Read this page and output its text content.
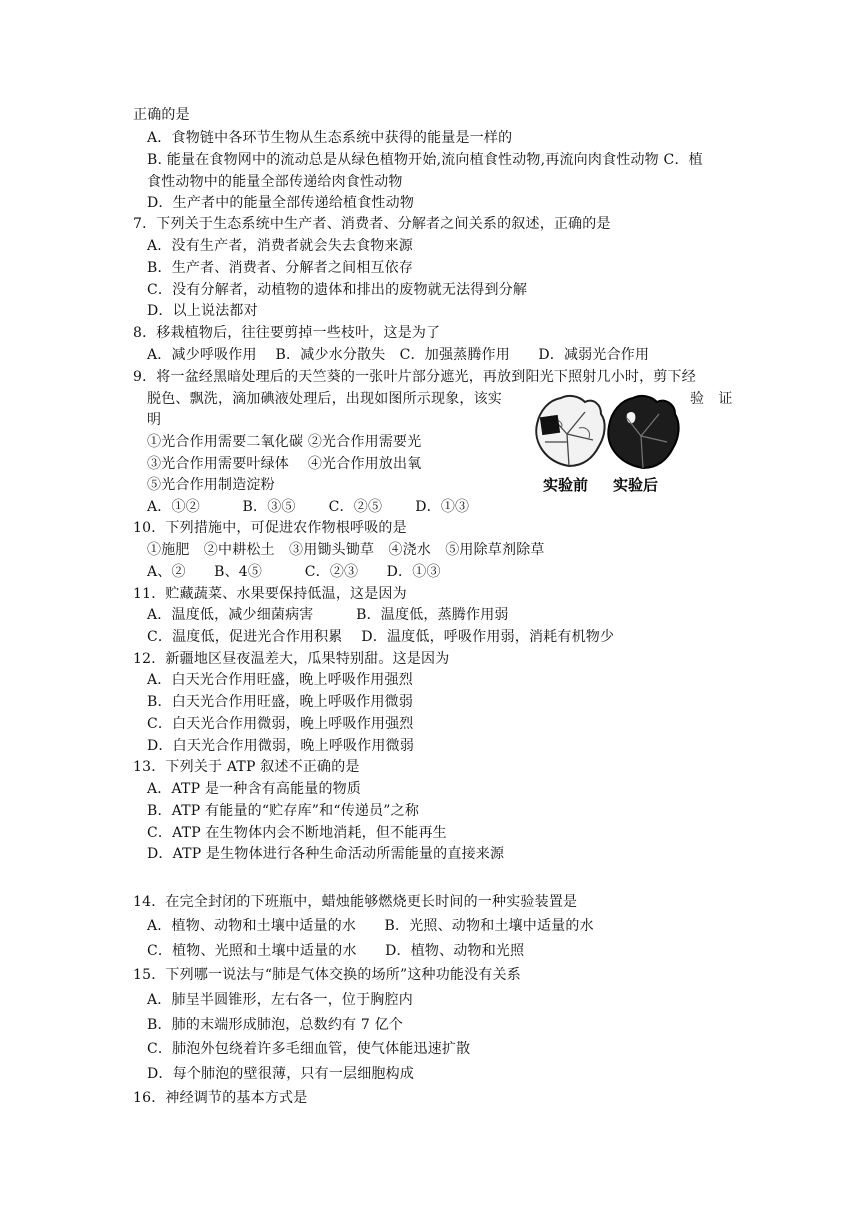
正确的是
A．食物链中各环节生物从生态系统中获得的能量是一样的
B. 能量在食物网中的流动总是从绿色植物开始,流向植食性动物,再流向肉食性动物 C．植
食性动物中的能量全部传递给肉食性动物
D．生产者中的能量全部传递给植食性动物
7．下列关于生态系统中生产者、消费者、分解者之间关系的叙述，正确的是
A．没有生产者，消费者就会失去食物来源
B．生产者、消费者、分解者之间相互依存
C．没有分解者，动植物的遗体和排出的废物就无法得到分解
D．以上说法都对
8．移栽植物后，往往要剪掉一些枝叶，这是为了
A．减少呼吸作用　 B．减少水分散失　C．加强蒸腾作用　　D．减弱光合作用
9．将一盆经黑暗处理后的天竺葵的一张叶片部分遮光，再放到阳光下照射几小时，剪下经
脱色、飘洗，滴加碘液处理后，出现如图所示现象，该实	验　证
明
①光合作用需要二氧化碳 ②光合作用需要光
③光合作用需要叶绿体　 ④光合作用放出氧
⑤光合作用制造淀粉
A．①②　　　B．③⑤　　 C．②⑤　　 D．①③
实验前 实验后
10．下列措施中，可促进农作物根呼吸的是
①施肥　②中耕松土　③用锄头锄草　④浇水　⑤用除草剂除草
A、②　　B、4⑤　　　C．②③　　D．①③
11．贮藏蔬菜、水果要保持低温，这是因为
A．温度低，减少细菌病害　　　B．温度低，蒸腾作用弱
C．温度低，促进光合作用积累　 D．温度低，呼吸作用弱，消耗有机物少
12．新疆地区昼夜温差大，瓜果特别甜。这是因为
A．白天光合作用旺盛，晚上呼吸作用强烈
B．白天光合作用旺盛，晚上呼吸作用微弱
C．白天光合作用微弱，晚上呼吸作用强烈
D．白天光合作用微弱，晚上呼吸作用微弱
13．下列关于 ATP 叙述不正确的是
A．ATP 是一种含有高能量的物质
B．ATP 有能量的“贮存库”和“传递员”之称
C．ATP 在生物体内会不断地消耗，但不能再生
D．ATP 是生物体进行各种生命活动所需能量的直接来源
14．在完全封闭的下班瓶中，蜡烛能够燃烧更长时间的一种实验装置是
A．植物、动物和土壤中适量的水　　B．光照、动物和土壤中适量的水
C．植物、光照和土壤中适量的水　　D．植物、动物和光照
15．下列哪一说法与“肺是气体交换的场所”这种功能没有关系
A．肺呈半圆锥形，左右各一，位于胸腔内
B．肺的末端形成肺泡，总数约有 7 亿个
C．肺泡外包绕着许多毛细血管，使气体能迅速扩散
D．每个肺泡的壁很薄，只有一层细胞构成
16．神经调节的基本方式是
